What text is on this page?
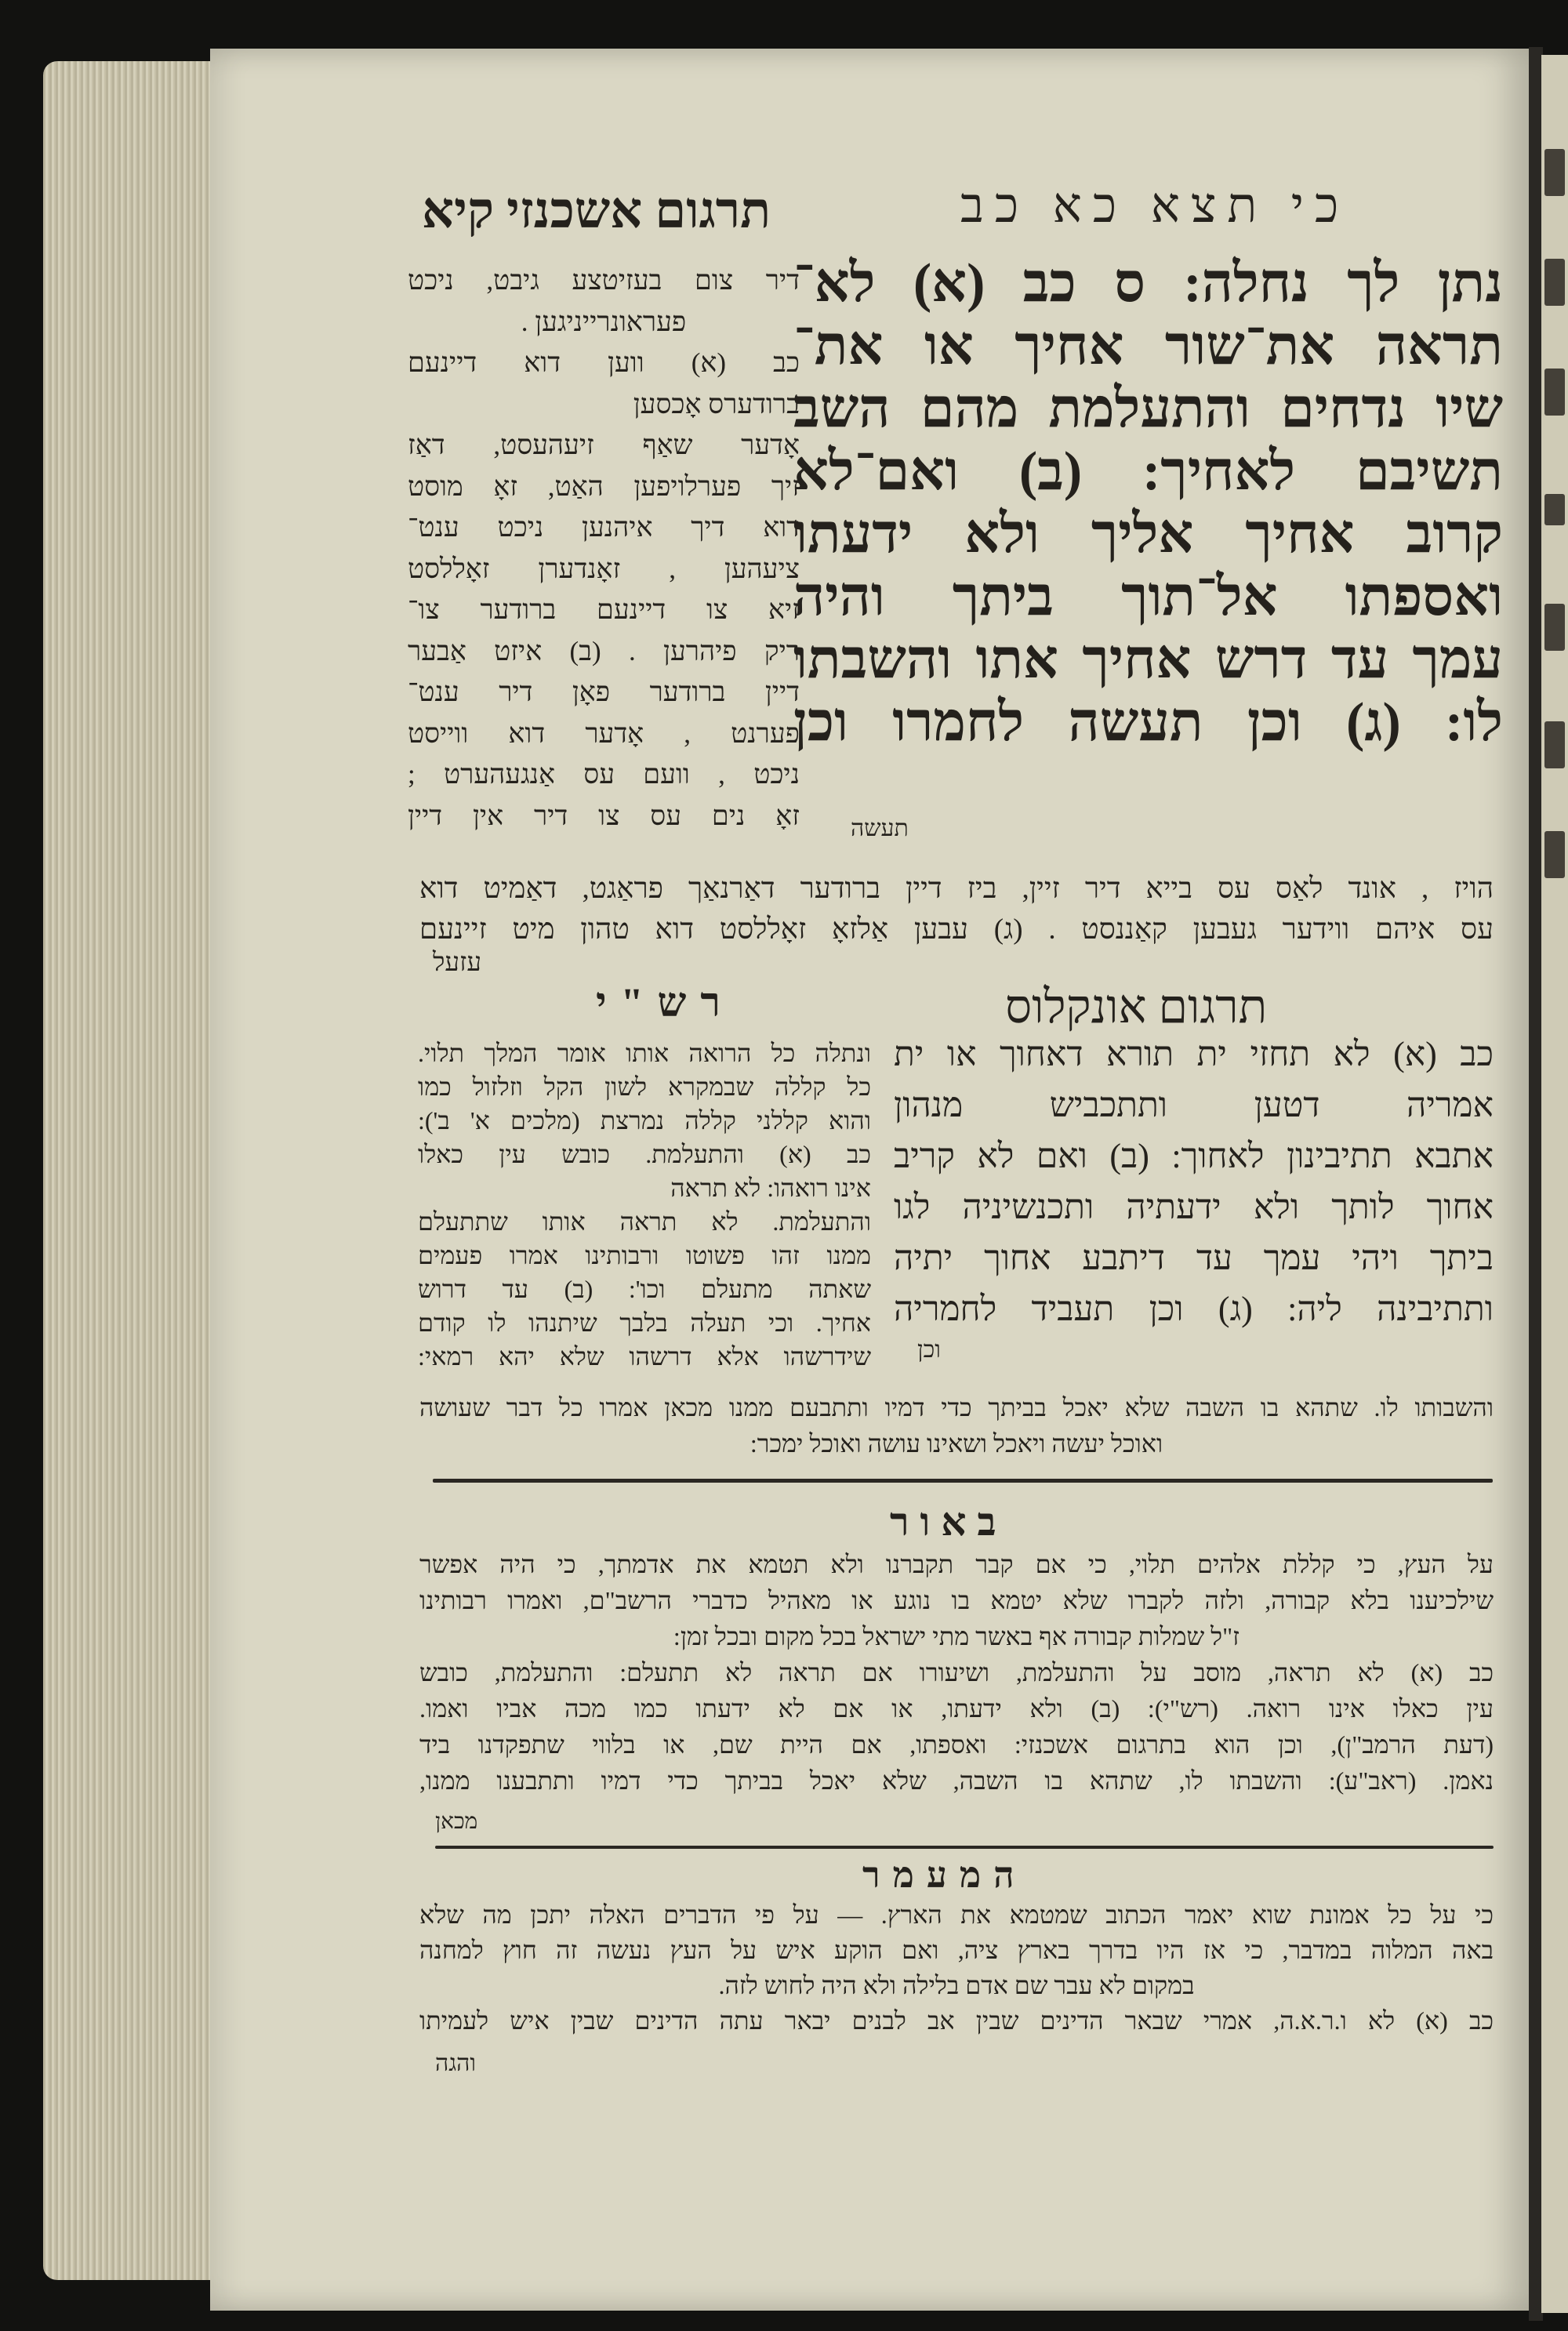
תרגום אשכנזי קיא	כי תצא כא כב
נתן לך נחלה: ס כב (א) לא־
תראה את־שור אחיך או את־
שיו נדחים והתעלמת מהם השב
תשיבם לאחיך: (ב) ואם־לא
קרוב אחיך אליך ולא ידעתו
ואספתו אל־תוך ביתך והיה
עמך עד דרש אחיך אתו והשבתו
לו: (ג) וכן תעשה לחמרו וכן
תעשה
דיר צום בעזיטצע גיבט, ניכט
פעראונרייניגען .
כב (א) ווען דוא דיינעם
ברודערס אָכסען
אָדער שאַף זיעהעסט, דאַז
זיך פערלויפען האַט, זאָ מוסט
דוא דיך איהנען ניכט ענט־
ציעהען , זאָנדערן זאָללסט
זיא צו דיינעם ברודער צו־
ריק פיהרען . (ב) איזט אַבער
דיין ברודער פאָן דיר ענט־
פערנט , אָדער דוא ווייסט
ניכט , וועם עס אַנגעהערט ;
זאָ נים עס צו דיר אין דיין
הויז , אונד לאַס עס בייא דיר זיין, ביז דיין ברודער דאַרנאַך פראַגט, דאַמיט דוא
עס איהם ווידער געבען קאַננסט . (ג) עבען אַלזאָ זאָללסט דוא טהון מיט זיינעם
עזעל
תרגום אונקלוס
כב (א) לא תחזי ית תורא דאחוך או ית
אמריה דטען ותתכביש מנהון
אתבא תתיבינון לאחוך: (ב) ואם לא קריב
אחוך לותך ולא ידעתיה ותכנשיניה לגו
ביתך ויהי עמך עד דיתבע אחוך יתיה
ותתיבינה ליה: (ג) וכן תעביד לחמריה
וכן
רש"י
ונתלה כל הרואה אותו אומר המלך תלוי.
כל קללה שבמקרא לשון הקל וזלזול כמו
והוא קללני קללה נמרצת (מלכים א' ב'):
כב (א) והתעלמת. כובש עין כאלו
אינו רואהו: לא תראה
והתעלמת. לא תראה אותו שתתעלם
ממנו זהו פשוטו ורבותינו אמרו פעמים
שאתה מתעלם וכו': (ב) עד דרוש
אחיך. וכי תעלה בלבך שיתנהו לו קודם
שידרשהו אלא דרשהו שלא יהא רמאי:
והשבותו לו. שתהא בו השבה שלא יאכל בביתך כדי דמיו ותתבעם ממנו מכאן אמרו כל דבר שעושה
ואוכל יעשה ויאכל ושאינו עושה ואוכל ימכר:
באור
על העץ, כי קללת אלהים תלוי, כי אם קבר תקברנו ולא תטמא את אדמתך, כי היה אפשר
שילכיענו בלא קבורה, ולזה לקברו שלא יטמא בו נוגע או מאהיל כדברי הרשב"ם, ואמרו רבותינו
ז"ל שמלות קבורה אף באשר מתי ישראל בכל מקום ובכל זמן:
כב (א) לא תראה, מוסב על והתעלמת, ושיעורו אם תראה לא תתעלם: והתעלמת, כובש
עין כאלו אינו רואה. (רש"י): (ב) ולא ידעתו, או אם לא ידעתו כמו מכה אביו ואמו.
(דעת הרמב"ן), וכן הוא בתרגום אשכנזי: ואספתו, אם היית שם, או בלווי שתפקדנו ביד
נאמן. (ראב"ע): והשבתו לו, שתהא בו השבה, שלא יאכל בביתך כדי דמיו ותתבענו ממנו,
מכאן
המעמר
כי על כל אמונת שוא יאמר הכתוב שמטמא את הארץ. — על פי הדברים האלה יתכן מה שלא
באה המלוה במדבר, כי אז היו בדרך בארץ ציה, ואם הוקע איש על העץ נעשה זה חוץ למחנה
במקום לא עבר שם אדם בלילה ולא היה לחוש לזה.
כב (א) לא ו.ר.א.ה, אמרי שבאר הדינים שבין אב לבנים יבאר עתה הדינים שבין איש לעמיתו
והגה
